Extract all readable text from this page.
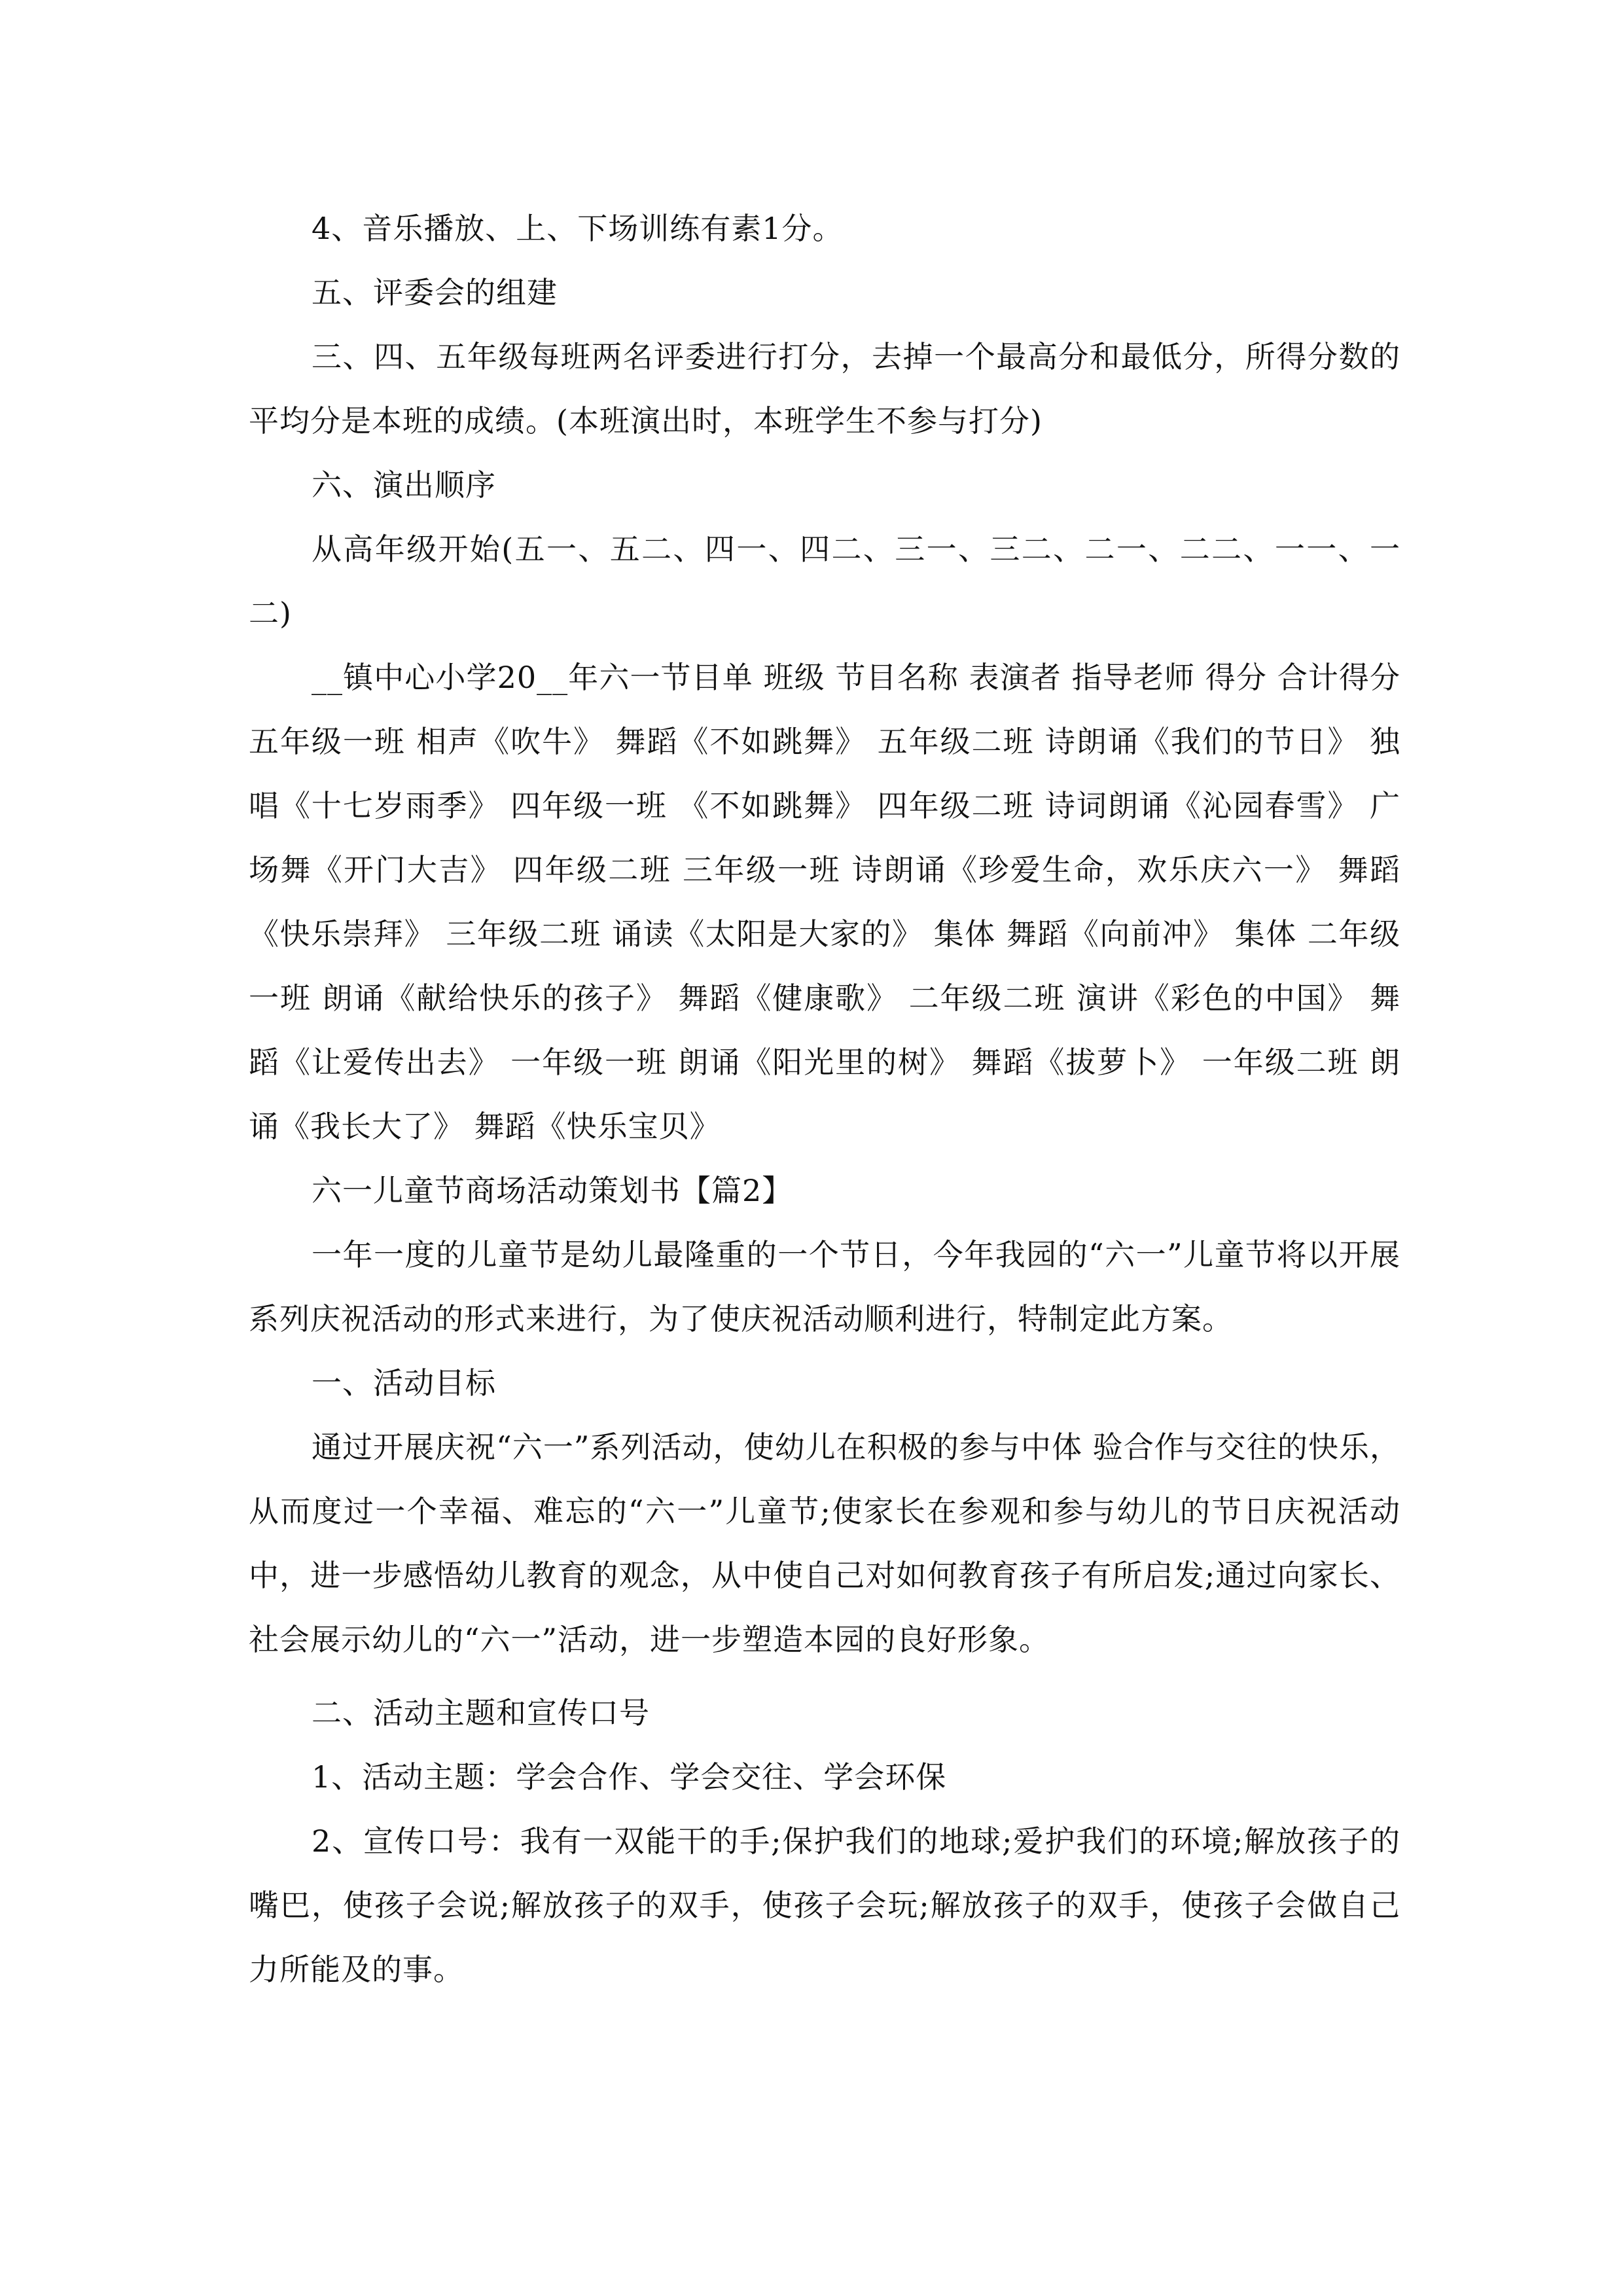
4、音乐播放、上、下场训练有素1分。

五、评委会的组建

三、四、五年级每班两名评委进行打分，去掉一个最高分和最低分，所得分数的平均分是本班的成绩。(本班演出时，本班学生不参与打分)

六、演出顺序

从高年级开始(五一、五二、四一、四二、三一、三二、二一、二二、一一、一二)

__镇中心小学20__年六一节目单 班级 节目名称 表演者 指导老师 得分 合计得分 五年级一班 相声《吹牛》 舞蹈《不如跳舞》 五年级二班 诗朗诵《我们的节日》 独唱《十七岁雨季》 四年级一班 《不如跳舞》 四年级二班 诗词朗诵《沁园春雪》 广场舞《开门大吉》 四年级二班 三年级一班 诗朗诵《珍爱生命，欢乐庆六一》 舞蹈《快乐崇拜》 三年级二班 诵读《太阳是大家的》 集体 舞蹈《向前冲》 集体 二年级一班 朗诵《献给快乐的孩子》 舞蹈《健康歌》 二年级二班 演讲《彩色的中国》 舞蹈《让爱传出去》 一年级一班 朗诵《阳光里的树》 舞蹈《拔萝卜》 一年级二班 朗诵《我长大了》 舞蹈《快乐宝贝》

六一儿童节商场活动策划书【篇2】

一年一度的儿童节是幼儿最隆重的一个节日，今年我园的“六一”儿童节将以开展系列庆祝活动的形式来进行，为了使庆祝活动顺利进行，特制定此方案。

一、活动目标

通过开展庆祝“六一”系列活动，使幼儿在积极的参与中体 验合作与交往的快乐，从而度过一个幸福、难忘的“六一”儿童节;使家长在参观和参与幼儿的节日庆祝活动中，进一步感悟幼儿教育的观念，从中使自己对如何教育孩子有所启发;通过向家长、社会展示幼儿的“六一”活动，进一步塑造本园的良好形象。

二、活动主题和宣传口号

1、活动主题：学会合作、学会交往、学会环保

2、宣传口号：我有一双能干的手;保护我们的地球;爱护我们的环境;解放孩子的嘴巴，使孩子会说;解放孩子的双手，使孩子会玩;解放孩子的双手，使孩子会做自己力所能及的事。
